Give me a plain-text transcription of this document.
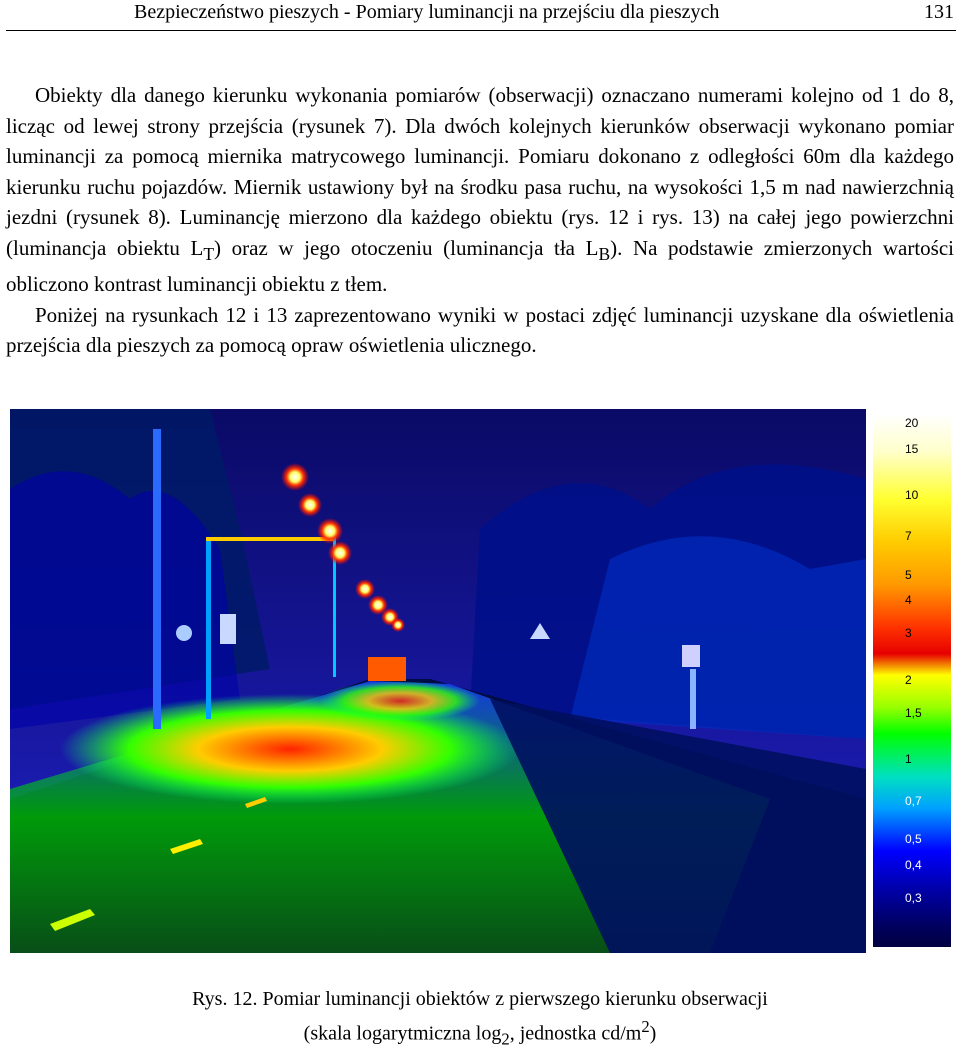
Bezpieczeństwo pieszych - Pomiary luminancji na przejściu dla pieszych	131

Obiekty dla danego kierunku wykonania pomiarów (obserwacji) oznaczano numerami kolejno od 1 do 8, licząc od lewej strony przejścia (rysunek 7). Dla dwóch kolejnych kierunków obserwacji wykonano pomiar luminancji za pomocą miernika matrycowego luminancji. Pomiaru dokonano z odległości 60m dla każdego kierunku ruchu pojazdów. Miernik ustawiony był na środku pasa ruchu, na wysokości 1,5 m nad nawierzchnią jezdni (rysunek 8). Luminancję mierzono dla każdego obiektu (rys. 12 i rys. 13) na całej jego powierzchni (luminancja obiektu $L_T$) oraz w jego otoczeniu (luminancja tła $L_B$). Na podstawie zmierzonych wartości obliczono kontrast luminancji obiektu z tłem.

Poniżej na rysunkach 12 i 13 zaprezentowano wyniki w postaci zdjęć luminancji uzyskane dla oświetlenia przejścia dla pieszych za pomocą opraw oświetlenia ulicznego.

20
15
10
7
5
4
3
2
1,5
1
0,7
0,5
0,4
0,3
Rys. 12. Pomiar luminancji obiektów z pierwszego kierunku obserwacji
(skala logarytmiczna $\log_2$, jednostka $cd/m^2$)
